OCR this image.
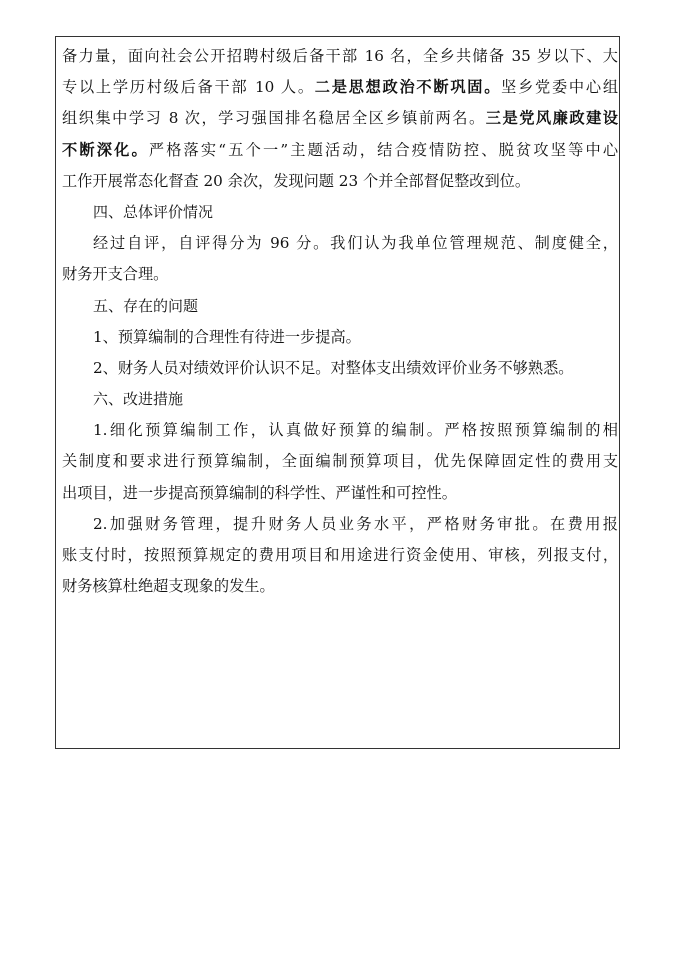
备力量，面向社会公开招聘村级后备干部 16 名，全乡共储备 35 岁以下、大
专以上学历村级后备干部 10 人。二是思想政治不断巩固。坚乡党委中心组
组织集中学习 8 次，学习强国排名稳居全区乡镇前两名。三是党风廉政建设
不断深化。严格落实“五个一”主题活动，结合疫情防控、脱贫攻坚等中心
工作开展常态化督查 20 余次，发现问题 23 个并全部督促整改到位。
四、总体评价情况
经过自评，自评得分为 96 分。我们认为我单位管理规范、制度健全，
财务开支合理。
五、存在的问题
1、预算编制的合理性有待进一步提高。
2、财务人员对绩效评价认识不足。对整体支出绩效评价业务不够熟悉。
六、改进措施
1.细化预算编制工作，认真做好预算的编制。严格按照预算编制的相
关制度和要求进行预算编制，全面编制预算项目，优先保障固定性的费用支
出项目，进一步提高预算编制的科学性、严谨性和可控性。
2.加强财务管理，提升财务人员业务水平，严格财务审批。在费用报
账支付时，按照预算规定的费用项目和用途进行资金使用、审核，列报支付，
财务核算杜绝超支现象的发生。
